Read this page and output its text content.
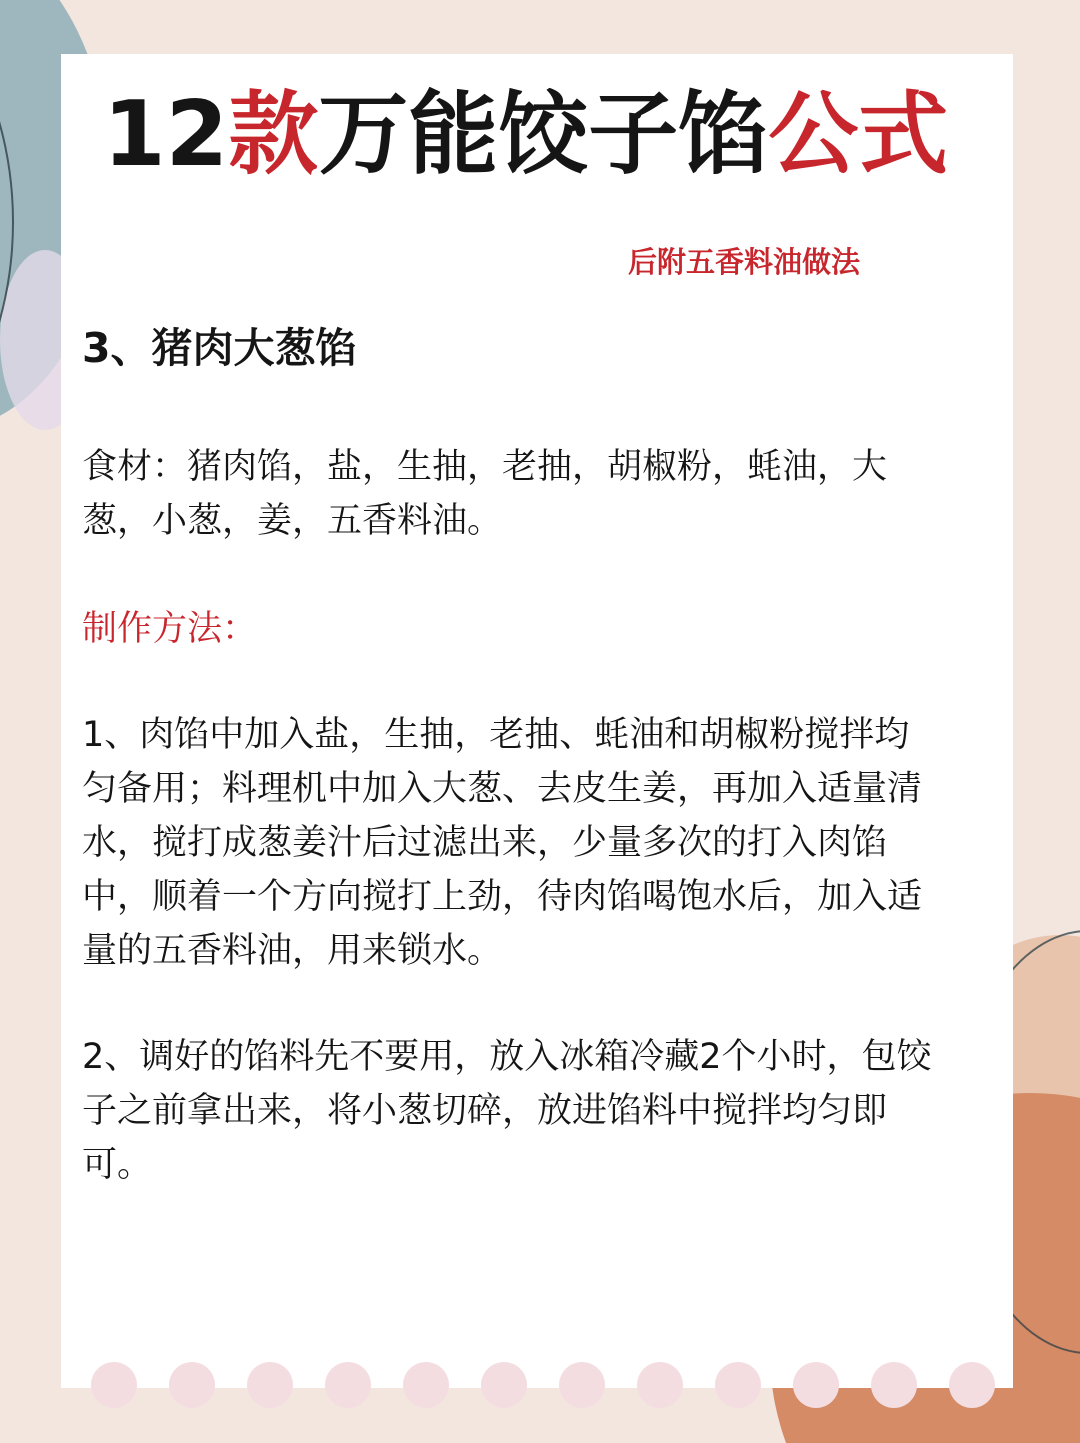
12款万能饺子馅公式

后附五香料油做法

3、猪肉大葱馅
食材：猪肉馅，盐，生抽，老抽，胡椒粉，蚝油，大
葱，小葱，姜，五香料油。
制作方法：
1、肉馅中加入盐，生抽，老抽、蚝油和胡椒粉搅拌均
匀备用；料理机中加入大葱、去皮生姜，再加入适量清
水，搅打成葱姜汁后过滤出来，少量多次的打入肉馅
中，顺着一个方向搅打上劲，待肉馅喝饱水后，加入适
量的五香料油，用来锁水。
2、调好的馅料先不要用，放入冰箱冷藏2个小时，包饺
子之前拿出来，将小葱切碎，放进馅料中搅拌均匀即
可。
